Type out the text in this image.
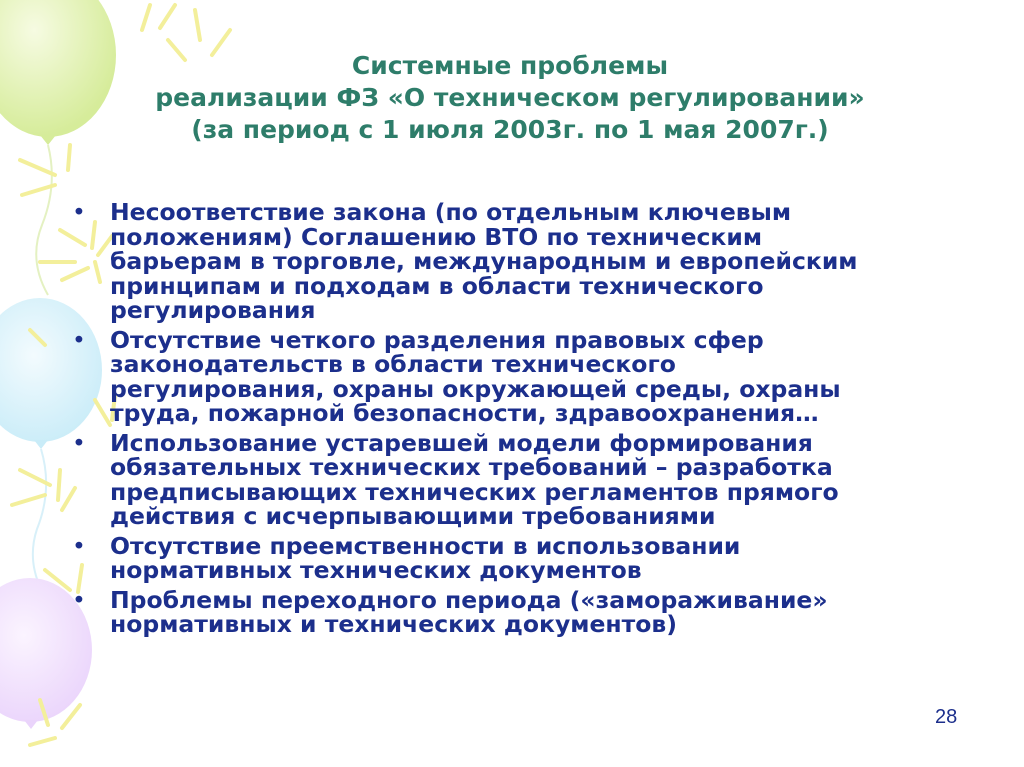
Системные проблемы
реализации ФЗ «О техническом регулировании»
(за период с 1 июля 2003г. по 1 мая 2007г.)
• Несоответствие закона (по отдельным ключевым
положениям) Соглашению ВТО по техническим
барьерам в торговле, международным и европейским
принципам и подходам в области технического
регулирования
• Отсутствие четкого разделения правовых сфер
законодательств в области технического
регулирования, охраны окружающей среды, охраны
труда, пожарной безопасности, здравоохранения…
• Использование устаревшей модели формирования
обязательных технических требований – разработка
предписывающих технических регламентов прямого
действия с исчерпывающими требованиями
• Отсутствие преемственности в использовании
нормативных технических документов
• Проблемы переходного периода («замораживание»
нормативных и технических документов)
28
